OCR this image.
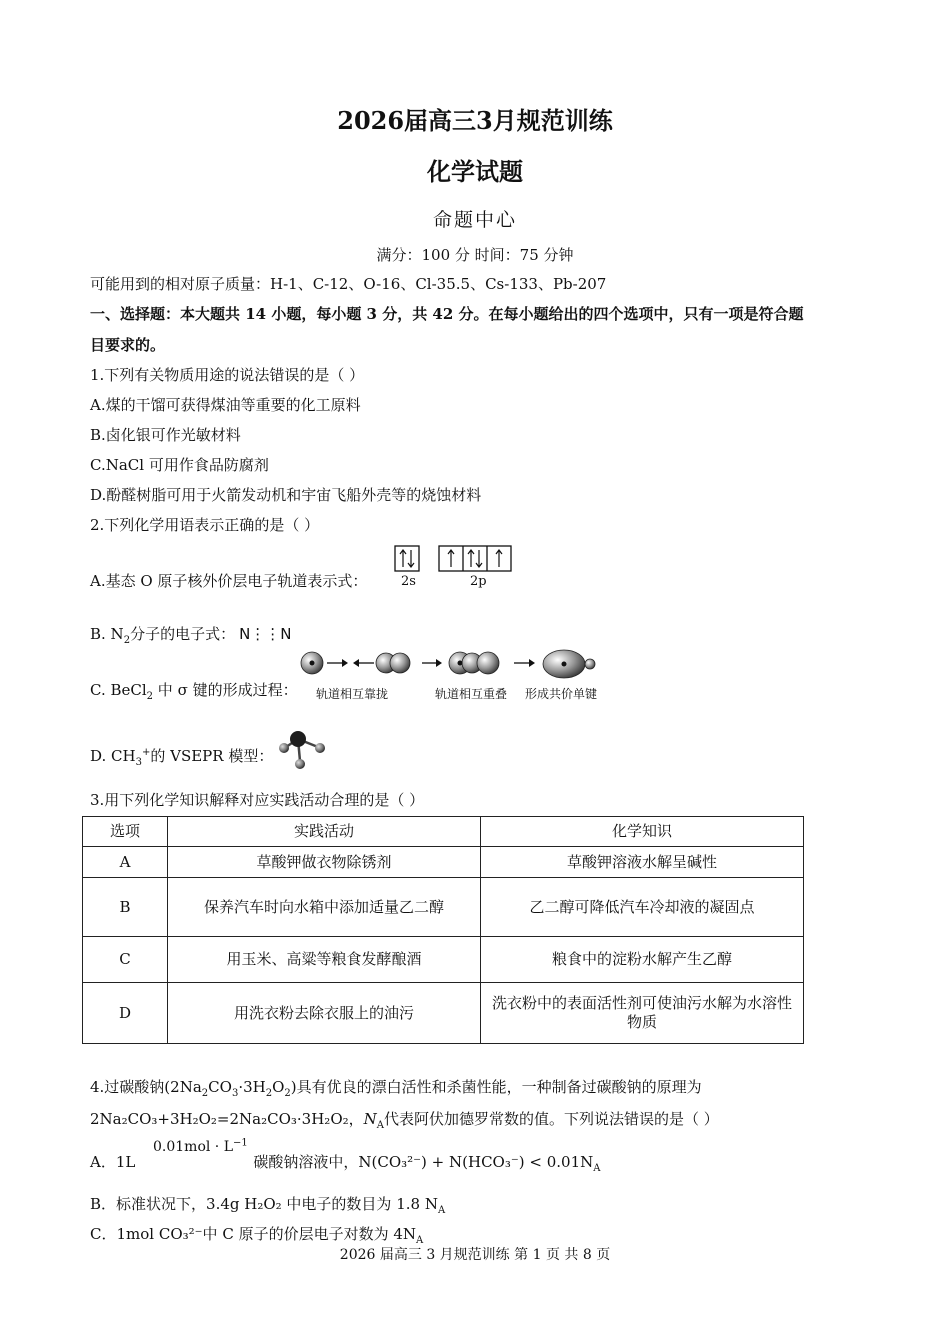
2026届高三3月规范训练
化学试题
命题中心
满分：100 分 时间：75 分钟
可能用到的相对原子质量：H-1、C-12、O-16、Cl-35.5、Cs-133、Pb-207
一、选择题：本大题共 14 小题，每小题 3 分，共 42 分。在每小题给出的四个选项中，只有一项是符合题
目要求的。
1.下列有关物质用途的说法错误的是（ ）
A.煤的干馏可获得煤油等重要的化工原料
B.卤化银可作光敏材料
C.NaCl 可用作食品防腐剂
D.酚醛树脂可用于火箭发动机和宇宙飞船外壳等的烧蚀材料
2.下列化学用语表示正确的是（ ）
A.基态 O 原子核外价层电子轨道表示式：	2s	2p
B. $N_2$分子的电子式： N⋮⋮N
C. BeCl$_2$ 中 σ 键的形成过程： 轨道相互靠拢	轨道相互重叠 形成共价单键
D. $CH_3^+$的 VSEPR 模型：
3.用下列化学知识解释对应实践活动合理的是（ ）
选项	实践活动	化学知识
A	草酸钾做衣物除锈剂	草酸钾溶液水解呈碱性
B	保养汽车时向水箱中添加适量乙二醇	乙二醇可降低汽车冷却液的凝固点
C	用玉米、高粱等粮食发酵酿酒	粮食中的淀粉水解产生乙醇
D	用洗衣粉去除衣服上的油污	洗衣粉中的表面活性剂可使油污水解为水溶性物质
4.过碳酸钠$(2Na_2CO_3\cdot 3H_2O_2)$具有优良的漂白活性和杀菌性能，一种制备过碳酸钠的原理为
2Na₂CO₃+3H₂O₂=2Na₂CO₃·3H₂O₂，$N_A$代表阿伏加德罗常数的值。下列说法错误的是（ ）
$0.01mol \cdot L^{-1}$
A．1L	碳酸钠溶液中，$N(CO_3^{2-}) + N(HCO_3^-) < 0.01N_A$
B．标准状况下，3.4g H₂O₂ 中电子的数目为 1.8 $N_A$
C．1mol CO₃²⁻中 C 原子的价层电子对数为 $4N_A$
2026 届高三 3 月规范训练 第 1 页 共 8 页
